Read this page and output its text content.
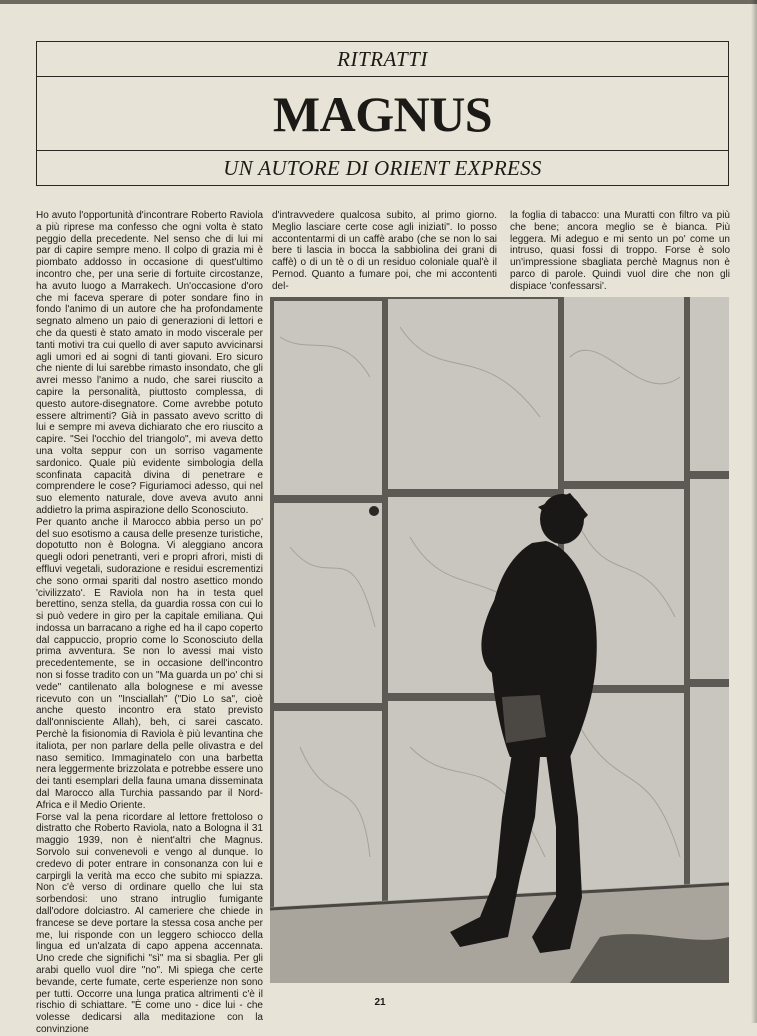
RITRATTI
MAGNUS
UN AUTORE DI ORIENT EXPRESS

Ho avuto l'opportunità d'incontrare Roberto Raviola a più riprese ma confesso che ogni volta è stato peggio della precedente. Nel senso che di lui mi par di capire sempre meno. Il colpo di grazia mi è piombato addosso in occasione di quest'ultimo incontro che, per una serie di fortuite circostanze, ha avuto luogo a Marrakech. Un'occasione d'oro che mi faceva sperare di poter sondare fino in fondo l'animo di un autore che ha profondamente segnato almeno un paio di generazioni di lettori e che da questi è stato amato in modo viscerale per tanti motivi tra cui quello di aver saputo avvicinarsi agli umori ed ai sogni di tanti giovani. Ero sicuro che niente di lui sarebbe rimasto insondato, che gli avrei messo l'animo a nudo, che sarei riuscito a capire la personalità, piuttosto complessa, di questo autore-disegnatore. Come avrebbe potuto essere altrimenti? Già in passato avevo scritto di lui e sempre mi aveva dichiarato che ero riuscito a capire. "Sei l'occhio del triangolo", mi aveva detto una volta seppur con un sorriso vagamente sardonico. Quale più evidente simbologia della sconfinata capacità divina di penetrare e comprendere le cose? Figuriamoci adesso, qui nel suo elemento naturale, dove aveva avuto anni addietro la prima aspirazione dello Sconosciuto.

Per quanto anche il Marocco abbia perso un po' del suo esotismo a causa delle presenze turistiche, dopotutto non è Bologna. Vi aleggiano ancora quegli odori penetranti, veri e propri afrori, misti di effluvi vegetali, sudorazione e residui escrementizi che sono ormai spariti dal nostro asettico mondo 'civilizzato'. E Raviola non ha in testa quel berettino, senza stella, da guardia rossa con cui lo si può vedere in giro per la capitale emiliana. Qui indossa un barracano a righe ed ha il capo coperto dal cappuccio, proprio come lo Sconosciuto della prima avventura. Se non lo avessi mai visto precedentemente, se in occasione dell'incontro non si fosse tradito con un "Ma guarda un po' chi si vede" cantilenato alla bolognese e mi avesse ricevuto con un "Insciallah" ("Dio Lo sa", cioè anche questo incontro era stato previsto dall'onnisciente Allah), beh, ci sarei cascato. Perchè la fisionomia di Raviola è più levantina che italiota, per non parlare della pelle olivastra e del naso semitico. Immaginatelo con una barbetta nera leggermente brizzolata e potrebbe essere uno dei tanti esemplari della fauna umana disseminata dal Marocco alla Turchia passando par il Nord-Africa e il Medio Oriente.

Forse val la pena ricordare al lettore frettoloso o distratto che Roberto Raviola, nato a Bologna il 31 maggio 1939, non è nient'altri che Magnus. Sorvolo sui convenevoli e vengo al dunque. Io credevo di poter entrare in consonanza con lui e carpirgli la verità ma ecco che subito mi spiazza. Non c'è verso di ordinare quello che lui sta sorbendosi: uno strano intruglio fumigante dall'odore dolciastro. Al cameriere che chiede in francese se deve portare la stessa cosa anche per me, lui risponde con un leggero schiocco della lingua ed un'alzata di capo appena accennata. Uno crede che significhi "sì" ma si sbaglia. Per gli arabi quello vuol dire "no". Mi spiega che certe bevande, certe fumate, certe esperienze non sono per tutti. Occorre una lunga pratica altrimenti c'è il rischio di schiattare. "È come uno - dice lui - che volesse dedicarsi alla meditazione con la convinzione

d'intravvedere qualcosa subito, al primo giorno. Meglio lasciare certe cose agli iniziati". Io posso accontentarmi di un caffè arabo (che se non lo sai bere ti lascia in bocca la sabbiolina dei grani di caffè) o di un tè o di un residuo coloniale qual'è il Pernod. Quanto a fumare poi, che mi accontenti del-

la foglia di tabacco: una Muratti con filtro va più che bene; ancora meglio se è bianca. Più leggera. Mi adeguo e mi sento un po' come un intruso, quasi fossi di troppo. Forse è solo un'impressione sbagliata perchè Magnus non è parco di parole. Quindi vuol dire che non gli dispiace 'confessarsi'.

21
